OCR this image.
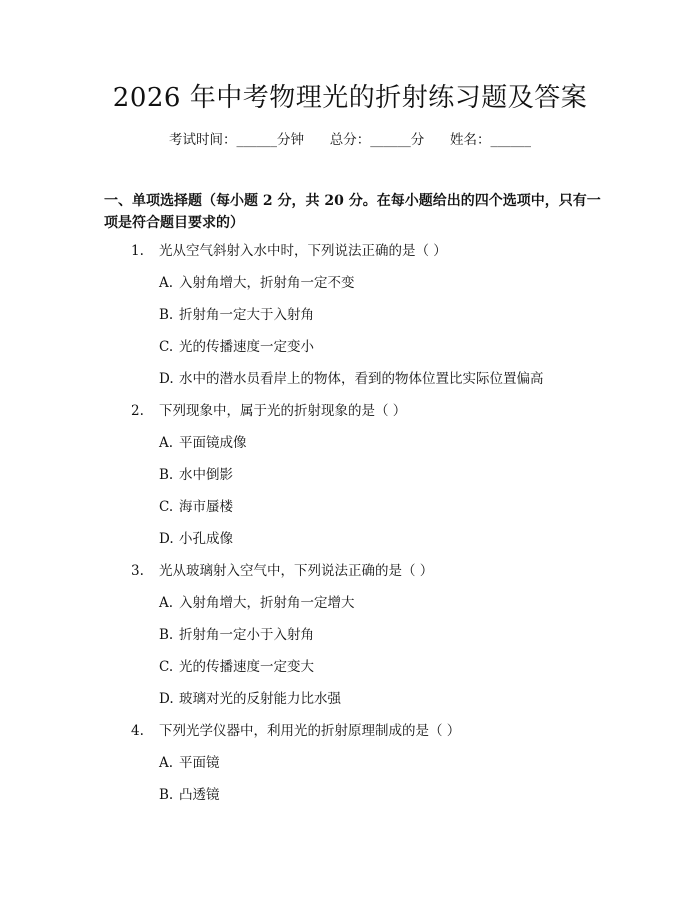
2026 年中考物理光的折射练习题及答案
考试时间：______分钟 总分：______分 姓名：______
一、单项选择题（每小题 2 分，共 20 分。在每小题给出的四个选项中，只有一项是符合题目要求的）
1. 光从空气斜射入水中时，下列说法正确的是（ ）
A. 入射角增大，折射角一定不变
B. 折射角一定大于入射角
C. 光的传播速度一定变小
D. 水中的潜水员看岸上的物体，看到的物体位置比实际位置偏高
2. 下列现象中，属于光的折射现象的是（ ）
A. 平面镜成像
B. 水中倒影
C. 海市蜃楼
D. 小孔成像
3. 光从玻璃射入空气中，下列说法正确的是（ ）
A. 入射角增大，折射角一定增大
B. 折射角一定小于入射角
C. 光的传播速度一定变大
D. 玻璃对光的反射能力比水强
4. 下列光学仪器中，利用光的折射原理制成的是（ ）
A. 平面镜
B. 凸透镜
